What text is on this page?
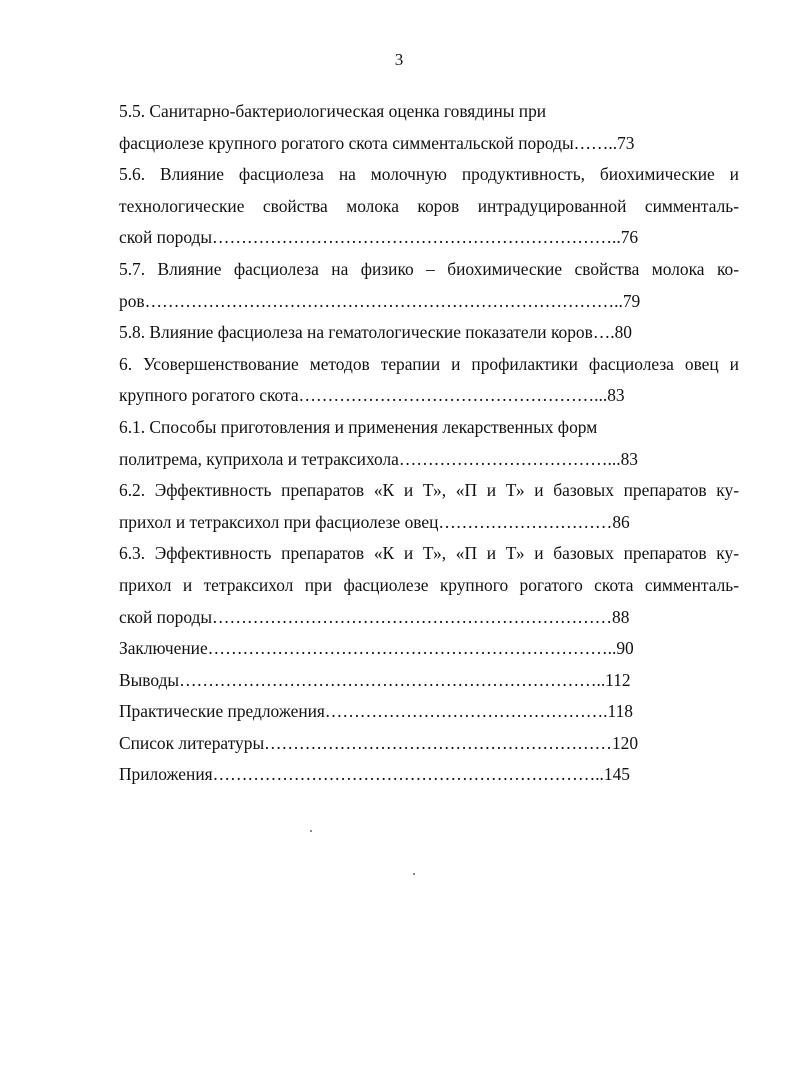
3
5.5. Санитарно-бактериологическая оценка говядины при
фасциолезе крупного рогатого скота симментальской породы……..73
5.6. Влияние фасциолеза на молочную продуктивность, биохимические и
технологические свойства молока коров интрадуцированной симменталь-
ской породы……………………………………………………………..76
5.7. Влияние фасциолеза на физико – биохимические свойства молока ко-
ров………………………………………………………………………..79
5.8. Влияние фасциолеза на гематологические показатели коров….80
6. Усовершенствование методов терапии и профилактики фасциолеза овец и
крупного рогатого скота……………………………………………...83
6.1. Способы приготовления и применения лекарственных форм
политрема, куприхола и тетраксихола………………………………...83
6.2. Эффективность препаратов «К и Т», «П и Т» и базовых препаратов ку-
прихол и тетраксихол при фасциолезе овец…………………………86
6.3. Эффективность препаратов «К и Т», «П и Т» и базовых препаратов ку-
прихол и тетраксихол при фасциолезе крупного рогатого скота симменталь-
ской породы……………………………………………………………88
Заключение……………………………………………………………..90
Выводы………………………………………………………………..112
Практические предложения………………………………………….118
Список литературы……………………………………………………120
Приложения…………………………………………………………..145
